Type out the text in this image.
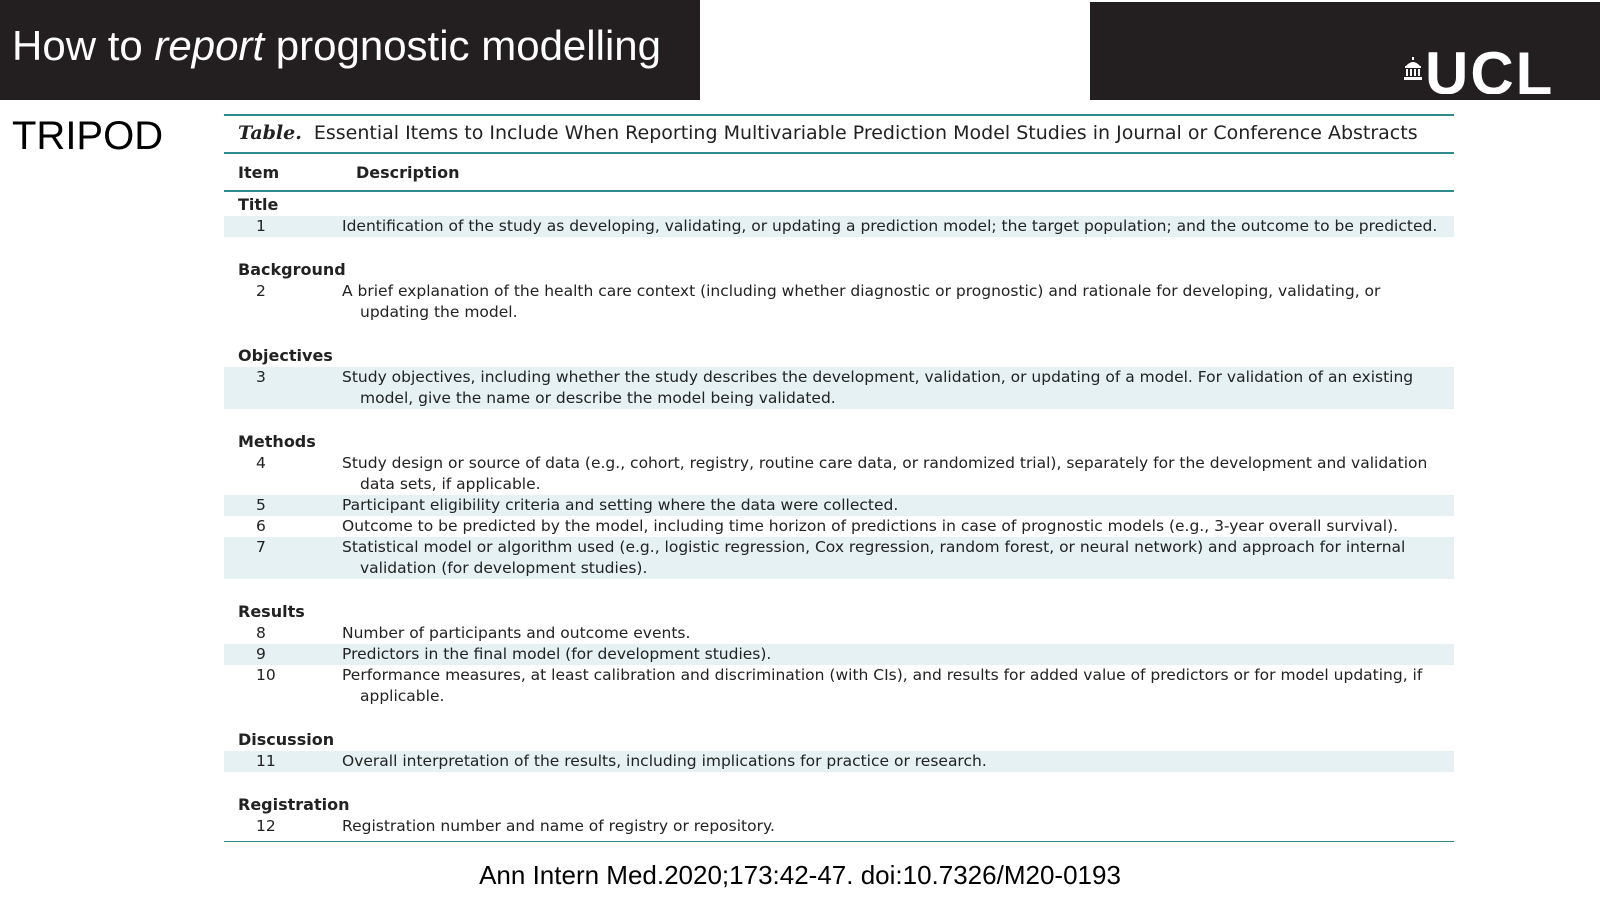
How to report prognostic modelling	UCL
TRIPOD	Table. Essential Items to Include When Reporting Multivariable Prediction Model Studies in Journal or Conference Abstracts
Item	Description
Title
1	Identification of the study as developing, validating, or updating a prediction model; the target population; and the outcome to be predicted.
Background
2	A brief explanation of the health care context (including whether diagnostic or prognostic) and rationale for developing, validating, or
updating the model.
Objectives
3	Study objectives, including whether the study describes the development, validation, or updating of a model. For validation of an existing
model, give the name or describe the model being validated.
Methods
4	Study design or source of data (e.g., cohort, registry, routine care data, or randomized trial), separately for the development and validation
data sets, if applicable.
5	Participant eligibility criteria and setting where the data were collected.
6	Outcome to be predicted by the model, including time horizon of predictions in case of prognostic models (e.g., 3-year overall survival).
7	Statistical model or algorithm used (e.g., logistic regression, Cox regression, random forest, or neural network) and approach for internal
validation (for development studies).
Results
8	Number of participants and outcome events.
9	Predictors in the final model (for development studies).
10	Performance measures, at least calibration and discrimination (with CIs), and results for added value of predictors or for model updating, if
applicable.
Discussion
11	Overall interpretation of the results, including implications for practice or research.
Registration
12	Registration number and name of registry or repository.
Ann Intern Med.2020;173:42-47. doi:10.7326/M20-0193
